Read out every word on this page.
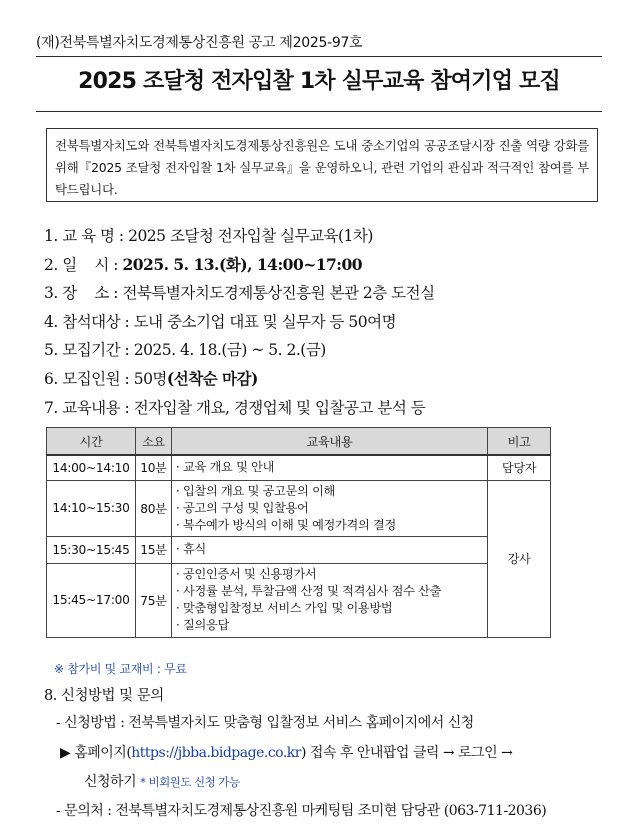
(재)전북특별자치도경제통상진흥원 공고 제2025-97호
2025 조달청 전자입찰 1차 실무교육 참여기업 모집
전북특별자치도와 전북특별자치도경제통상진흥원은 도내 중소기업의 공공조달시장 진출 역량 강화를 위해『2025 조달청 전자입찰 1차 실무교육』을 운영하오니, 관련 기업의 관심과 적극적인 참여를 부탁드립니다.
1. 교 육 명 : 2025 조달청 전자입찰 실무교육(1차)
2. 일    시 : 2025. 5. 13.(화), 14:00~17:00
3. 장    소 : 전북특별자치도경제통상진흥원 본관 2층 도전실
4. 참석대상 : 도내 중소기업 대표 및 실무자 등 50여명
5. 모집기간 : 2025. 4. 18.(금) ~ 5. 2.(금)
6. 모집인원 : 50명(선착순 마감)
7. 교육내용 : 전자입찰 개요, 경쟁업체 및 입찰공고 분석 등
시간	소요	교육내용	비고
14:00~14:10	10분	· 교육 개요 및 안내	담당자
14:10~15:30	80분	· 입찰의 개요 및 공고문의 이해
· 공고의 구성 및 입찰용어
· 복수예가 방식의 이해 및 예정가격의 결정	강사
15:30~15:45	15분	· 휴식	

15:45~17:00	75분	· 공인인증서 및 신용평가서
· 사정률 분석, 투찰금액 산정 및 적격심사 점수 산출
· 맞춤형입찰정보 서비스 가입 및 이용방법
· 질의응답	
※ 참가비 및 교재비 : 무료
8. 신청방법 및 문의
- 신청방법 : 전북특별자치도 맞춤형 입찰정보 서비스 홈페이지에서 신청
▶ 홈페이지(https://jbba.bidpage.co.kr) 접속 후 안내팝업 클릭 → 로그인 →
신청하기 * 비회원도 신청 가능
- 문의처 : 전북특별자치도경제통상진흥원 마케팅팀 조미현 담당관 (063-711-2036)
